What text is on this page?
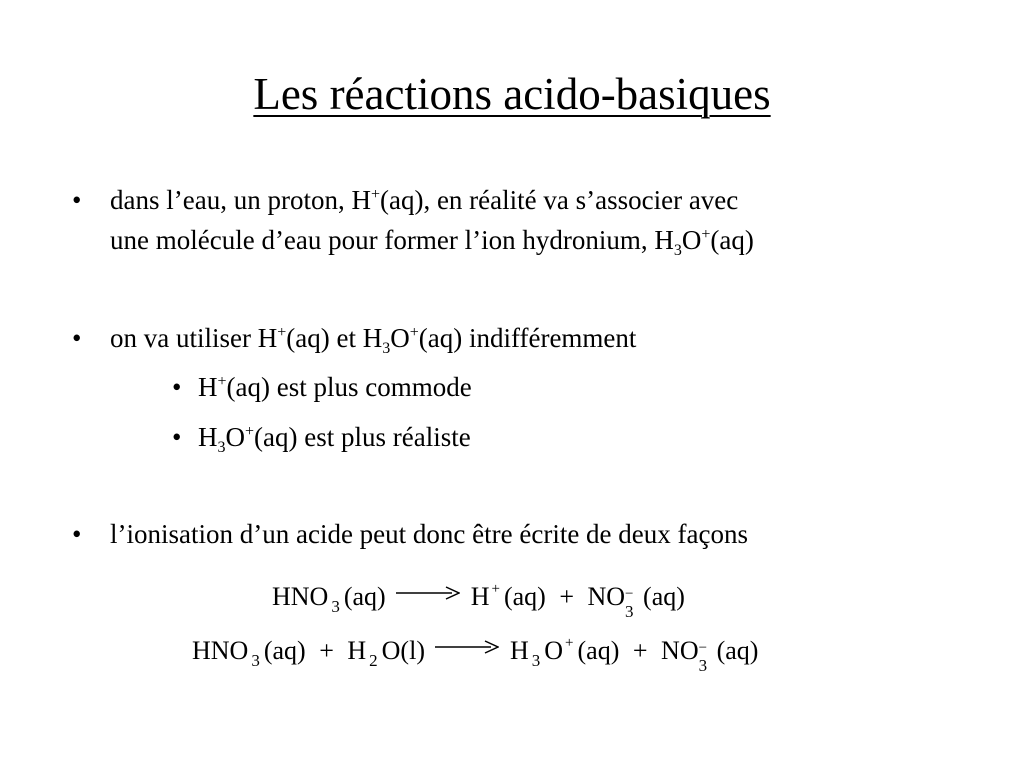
Les réactions acido-basiques
• dans l’eau, un proton, H+(aq), en réalité va s’associer avec
une molécule d’eau pour former l’ion hydronium, $H_3O^+(aq)$
• on va utiliser H+(aq) et $H_3O^+(aq)$ indifféremment
• H+(aq) est plus commode
• $H_3O^+(aq)$ est plus réaliste
• l’ionisation d’un acide peut donc être écrite de deux façons
HNO $_3$ (aq) → H + (aq) + NO −
3
(aq)
HNO $_3$ (aq) + H $_2$ O(l) → H $_3$ O + (aq) + NO −
3
(aq)
